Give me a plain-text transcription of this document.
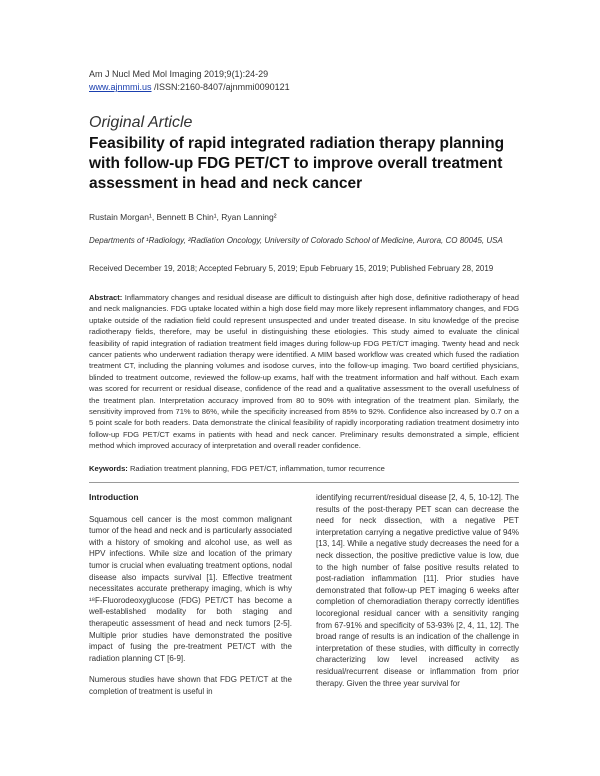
Am J Nucl Med Mol Imaging 2019;9(1):24-29
www.ajnmmi.us /ISSN:2160-8407/ajnmmi0090121
Original Article
Feasibility of rapid integrated radiation therapy planning with follow-up FDG PET/CT to improve overall treatment assessment in head and neck cancer
Rustain Morgan¹, Bennett B Chin¹, Ryan Lanning²
Departments of ¹Radiology, ²Radiation Oncology, University of Colorado School of Medicine, Aurora, CO 80045, USA
Received December 19, 2018; Accepted February 5, 2019; Epub February 15, 2019; Published February 28, 2019
Abstract: Inflammatory changes and residual disease are difficult to distinguish after high dose, definitive radiotherapy of head and neck malignancies. FDG uptake located within a high dose field may more likely represent inflammatory changes, and FDG uptake outside of the radiation field could represent unsuspected and under treated disease. In situ knowledge of the precise radiotherapy fields, therefore, may be useful in distinguishing these etiologies. This study aimed to evaluate the clinical feasibility of rapid integration of radiation treatment field images during follow-up FDG PET/CT imaging. Twenty head and neck cancer patients who underwent radiation therapy were identified. A MIM based workflow was created which fused the radiation treatment CT, including the planning volumes and isodose curves, into the follow-up imaging. Two board certified physicians, blinded to treatment outcome, reviewed the follow-up exams, half with the treatment information and half without. Each exam was scored for recurrent or residual disease, confidence of the read and a qualitative assessment to the overall usefulness of the treatment plan. Interpretation accuracy improved from 80 to 90% with integration of the treatment plan. Similarly, the sensitivity improved from 71% to 86%, while the specificity increased from 85% to 92%. Confidence also increased by 0.7 on a 5 point scale for both readers. Data demonstrate the clinical feasibility of rapidly incorporating radiation treatment dosimetry into follow-up FDG PET/CT exams in patients with head and neck cancer. Preliminary results demonstrated a simple, efficient method which improved accuracy of interpretation and overall reader confidence.
Keywords: Radiation treatment planning, FDG PET/CT, inflammation, tumor recurrence

Introduction

Squamous cell cancer is the most common malignant tumor of the head and neck and is particularly associated with a history of smoking and alcohol use, as well as HPV infections. While size and location of the primary tumor is crucial when evaluating treatment options, nodal disease also impacts survival [1]. Effective treatment necessitates accurate pretherapy imaging, which is why ¹⁸F-Fluorodeoxyglucose (FDG) PET/CT has become a well-established modality for both staging and therapeutic assessment of head and neck tumors [2-5]. Multiple prior studies have demonstrated the positive impact of fusing the pre-treatment PET/CT with the radiation planning CT [6-9].

Numerous studies have shown that FDG PET/CT at the completion of treatment is useful in

identifying recurrent/residual disease [2, 4, 5, 10-12]. The results of the post-therapy PET scan can decrease the need for neck dissection, with a negative PET interpretation carrying a negative predictive value of 94% [13, 14]. While a negative study decreases the need for a neck dissection, the positive predictive value is low, due to the high number of false positive results related to post-radiation inflammation [11]. Prior studies have demonstrated that follow-up PET imaging 6 weeks after completion of chemoradiation therapy correctly identifies locoregional residual cancer with a sensitivity ranging from 67-91% and specificity of 53-93% [2, 4, 11, 12]. The broad range of results is an indication of the challenge in interpretation of these studies, with difficulty in correctly characterizing low level increased activity as residual/recurrent disease or inflammation from prior therapy. Given the three year survival for
